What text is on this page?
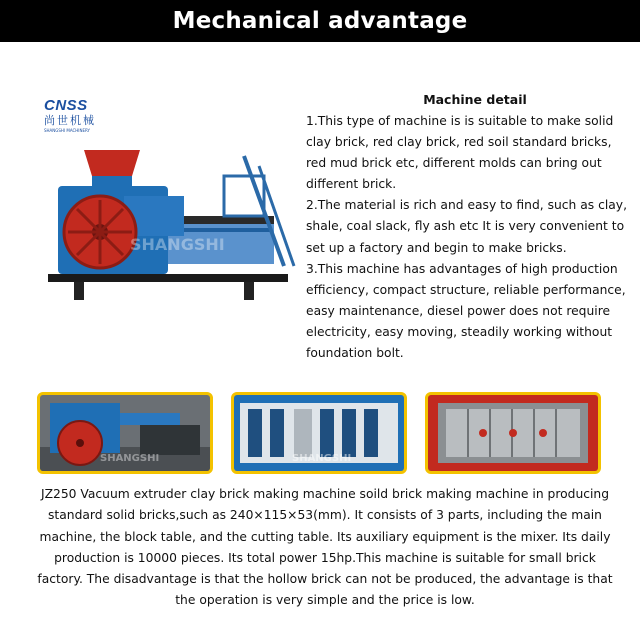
Mechanical advantage
CNSS
尚世机械
SHANGSHI MACHINERY
SHANGSHI
Machine detail

1.This type of machine is is suitable to make solid clay brick, red clay brick, red soil standard bricks, red mud brick etc, different molds can bring out different brick.

2.The material is rich and easy to find, such as clay, shale, coal slack, fly ash etc It is very convenient to set up a factory and begin to make bricks.

3.This machine has advantages of high production efficiency, compact structure, reliable performance, easy maintenance, diesel power does not require electricity, easy moving, steadily working without foundation bolt.

SHANGSHI	SHANGSHI

JZ250 Vacuum extruder clay brick making machine soild brick making machine in producing standard solid bricks,such as 240×115×53(mm). It consists of 3 parts, including the main machine, the block table, and the cutting table. Its auxiliary equipment is the mixer. Its daily production is 10000 pieces. Its total power 15hp.This machine is suitable for small brick factory. The disadvantage is that the hollow brick can not be produced, the advantage is that the operation is very simple and the price is low.
